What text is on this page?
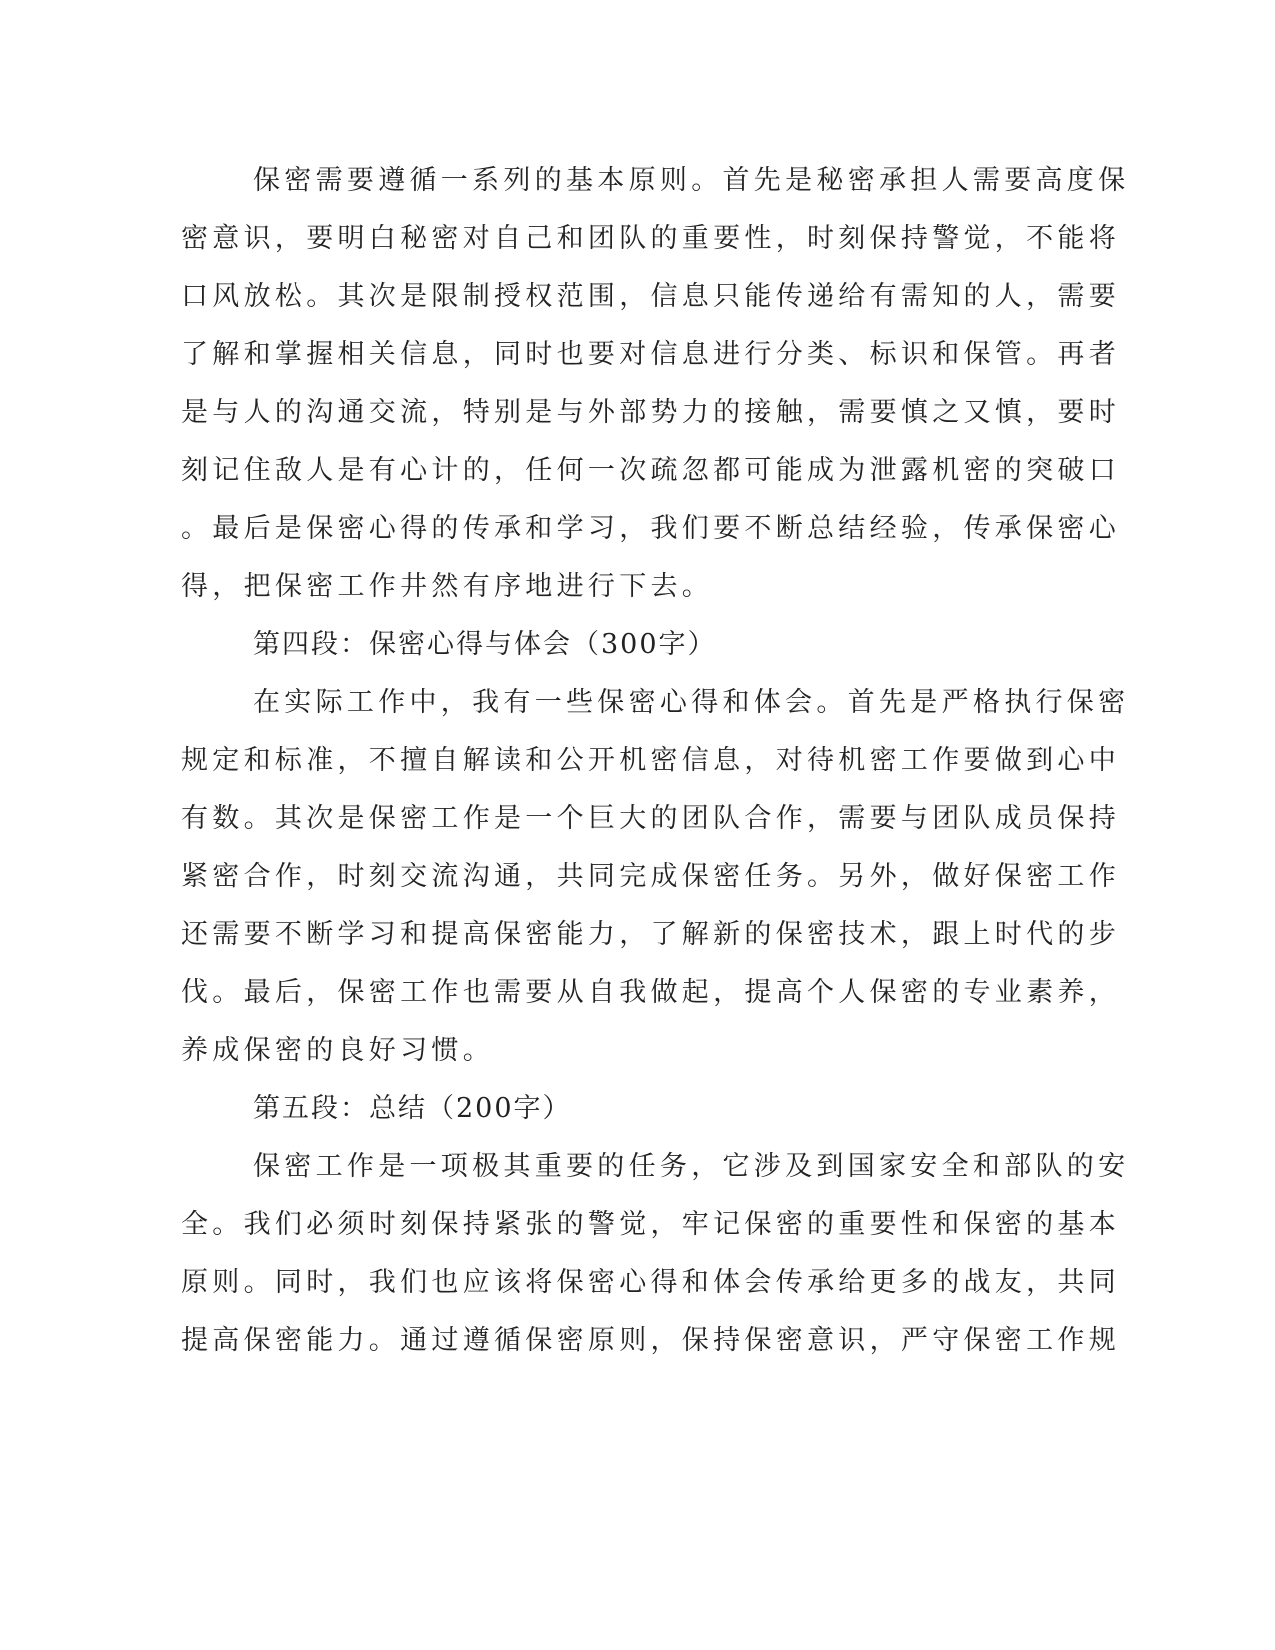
保密需要遵循一系列的基本原则。首先是秘密承担人需要高度保
密意识，要明白秘密对自己和团队的重要性，时刻保持警觉，不能将
口风放松。其次是限制授权范围，信息只能传递给有需知的人，需要
了解和掌握相关信息，同时也要对信息进行分类、标识和保管。再者
是与人的沟通交流，特别是与外部势力的接触，需要慎之又慎，要时
刻记住敌人是有心计的，任何一次疏忽都可能成为泄露机密的突破口
。最后是保密心得的传承和学习，我们要不断总结经验，传承保密心
得，把保密工作井然有序地进行下去。
第四段：保密心得与体会（300字）
在实际工作中，我有一些保密心得和体会。首先是严格执行保密
规定和标准，不擅自解读和公开机密信息，对待机密工作要做到心中
有数。其次是保密工作是一个巨大的团队合作，需要与团队成员保持
紧密合作，时刻交流沟通，共同完成保密任务。另外，做好保密工作
还需要不断学习和提高保密能力，了解新的保密技术，跟上时代的步
伐。最后，保密工作也需要从自我做起，提高个人保密的专业素养，
养成保密的良好习惯。
第五段：总结（200字）
保密工作是一项极其重要的任务，它涉及到国家安全和部队的安
全。我们必须时刻保持紧张的警觉，牢记保密的重要性和保密的基本
原则。同时，我们也应该将保密心得和体会传承给更多的战友，共同
提高保密能力。通过遵循保密原则，保持保密意识，严守保密工作规
